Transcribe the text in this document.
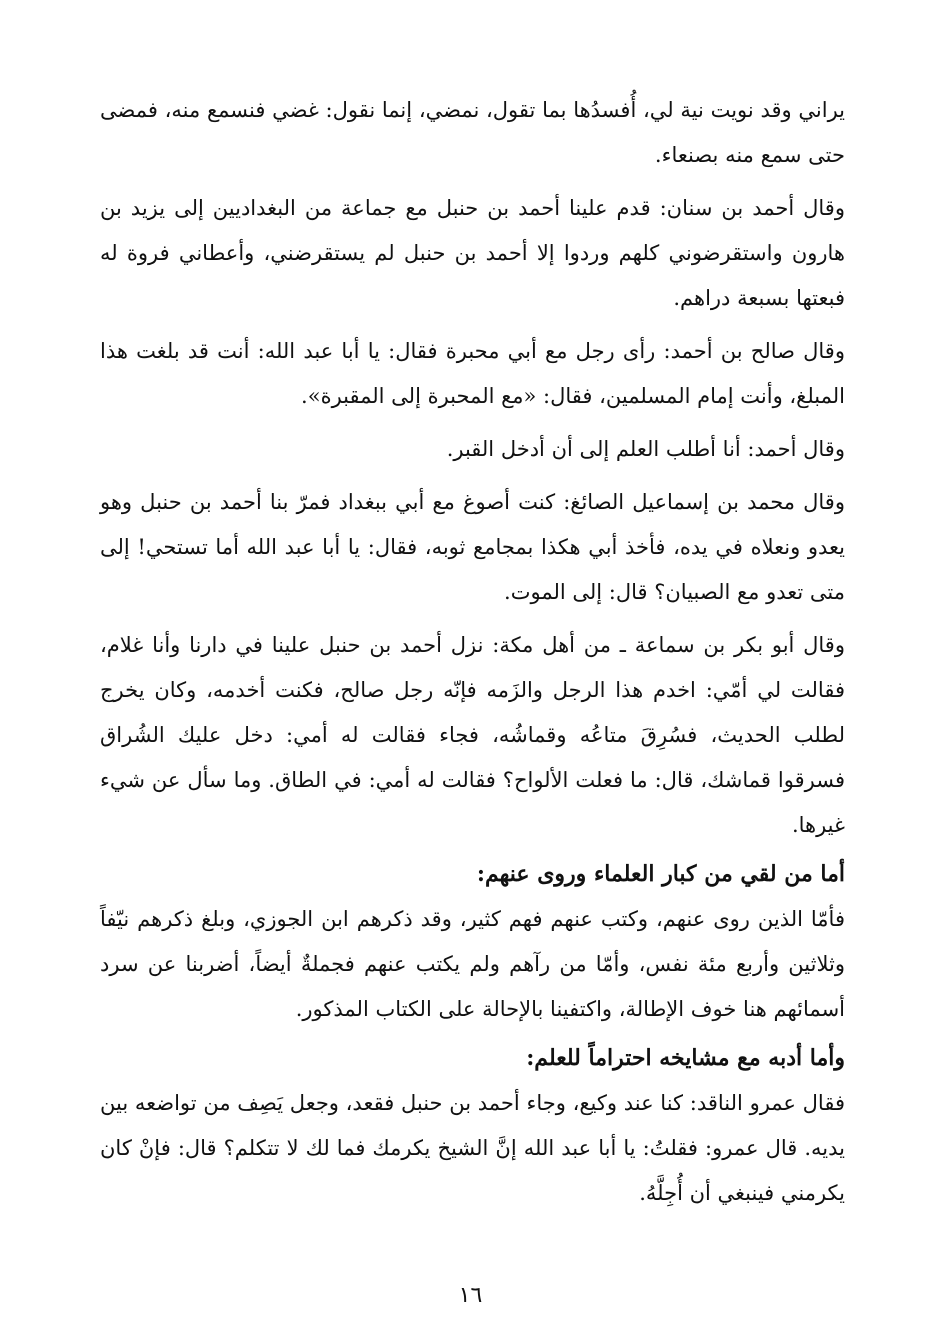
يراني وقد نويت نية لي، أُفسدُها بما تقول، نمضي، إنما نقول: غضي فنسمع منه، فمضى حتى سمع منه بصنعاء.

وقال أحمد بن سنان: قدم علينا أحمد بن حنبل مع جماعة من البغداديين إلى يزيد بن هارون واستقرضوني كلهم وردوا إلا أحمد بن حنبل لم يستقرضني، وأعطاني فروة له فبعتها بسبعة دراهم.

وقال صالح بن أحمد: رأى رجل مع أبي محبرة فقال: يا أبا عبد الله: أنت قد بلغت هذا المبلغ، وأنت إمام المسلمين، فقال: «مع المحبرة إلى المقبرة».

وقال أحمد: أنا أطلب العلم إلى أن أدخل القبر.

وقال محمد بن إسماعيل الصائغ: كنت أصوغ مع أبي ببغداد فمرّ بنا أحمد بن حنبل وهو يعدو ونعلاه في يده، فأخذ أبي هكذا بمجامع ثوبه، فقال: يا أبا عبد الله أما تستحي! إلى متى تعدو مع الصبيان؟ قال: إلى الموت.

وقال أبو بكر بن سماعة ـ من أهل مكة: نزل أحمد بن حنبل علينا في دارنا وأنا غلام، فقالت لي أمّي: اخدم هذا الرجل والزَمه فإنّه رجل صالح، فكنت أخدمه، وكان يخرج لطلب الحديث، فسُرِقَ متاعُه وقماشُه، فجاء فقالت له أمي: دخل عليك الشُراق فسرقوا قماشك، قال: ما فعلت الألواح؟ فقالت له أمي: في الطاق. وما سأل عن شيء غيرها.

أما من لقي من كبار العلماء وروى عنهم:

فأمّا الذين روى عنهم، وكتب عنهم فهم كثير، وقد ذكرهم ابن الجوزي، وبلغ ذكرهم نيّفاً وثلاثين وأربع مئة نفس، وأمّا من رآهم ولم يكتب عنهم فجملةٌ أيضاً، أضربنا عن سرد أسمائهم هنا خوف الإطالة، واكتفينا بالإحالة على الكتاب المذكور.

وأما أدبه مع مشايخه احتراماً للعلم:

فقال عمرو الناقد: كنا عند وكيع، وجاء أحمد بن حنبل فقعد، وجعل يَصِف من تواضعه بين يديه. قال عمرو: فقلتُ: يا أبا عبد الله إنَّ الشيخ يكرمك فما لك لا تتكلم؟ قال: فإنْ كان يكرمني فينبغي أن أُجِلَّهُ.

١٦
